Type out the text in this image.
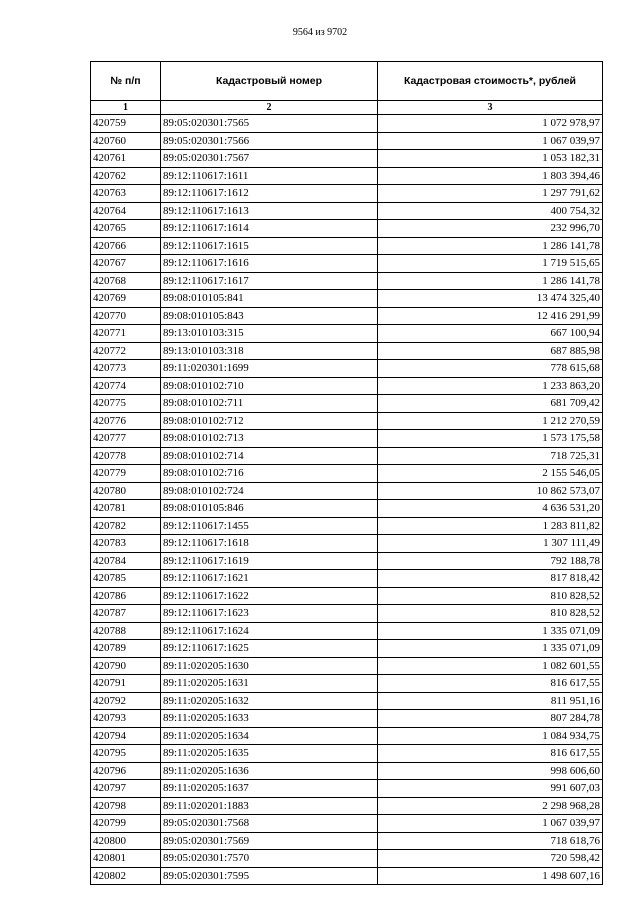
9564 из 9702
№ п/п	Кадастровый номер	Кадастровая стоимость*, рублей
1	2	3
420759	89:05:020301:7565	1 072 978,97
420760	89:05:020301:7566	1 067 039,97
420761	89:05:020301:7567	1 053 182,31
420762	89:12:110617:1611	1 803 394,46
420763	89:12:110617:1612	1 297 791,62
420764	89:12:110617:1613	400 754,32
420765	89:12:110617:1614	232 996,70
420766	89:12:110617:1615	1 286 141,78
420767	89:12:110617:1616	1 719 515,65
420768	89:12:110617:1617	1 286 141,78
420769	89:08:010105:841	13 474 325,40
420770	89:08:010105:843	12 416 291,99
420771	89:13:010103:315	667 100,94
420772	89:13:010103:318	687 885,98
420773	89:11:020301:1699	778 615,68
420774	89:08:010102:710	1 233 863,20
420775	89:08:010102:711	681 709,42
420776	89:08:010102:712	1 212 270,59
420777	89:08:010102:713	1 573 175,58
420778	89:08:010102:714	718 725,31
420779	89:08:010102:716	2 155 546,05
420780	89:08:010102:724	10 862 573,07
420781	89:08:010105:846	4 636 531,20
420782	89:12:110617:1455	1 283 811,82
420783	89:12:110617:1618	1 307 111,49
420784	89:12:110617:1619	792 188,78
420785	89:12:110617:1621	817 818,42
420786	89:12:110617:1622	810 828,52
420787	89:12:110617:1623	810 828,52
420788	89:12:110617:1624	1 335 071,09
420789	89:12:110617:1625	1 335 071,09
420790	89:11:020205:1630	1 082 601,55
420791	89:11:020205:1631	816 617,55
420792	89:11:020205:1632	811 951,16
420793	89:11:020205:1633	807 284,78
420794	89:11:020205:1634	1 084 934,75
420795	89:11:020205:1635	816 617,55
420796	89:11:020205:1636	998 606,60
420797	89:11:020205:1637	991 607,03
420798	89:11:020201:1883	2 298 968,28
420799	89:05:020301:7568	1 067 039,97
420800	89:05:020301:7569	718 618,76
420801	89:05:020301:7570	720 598,42
420802	89:05:020301:7595	1 498 607,16
